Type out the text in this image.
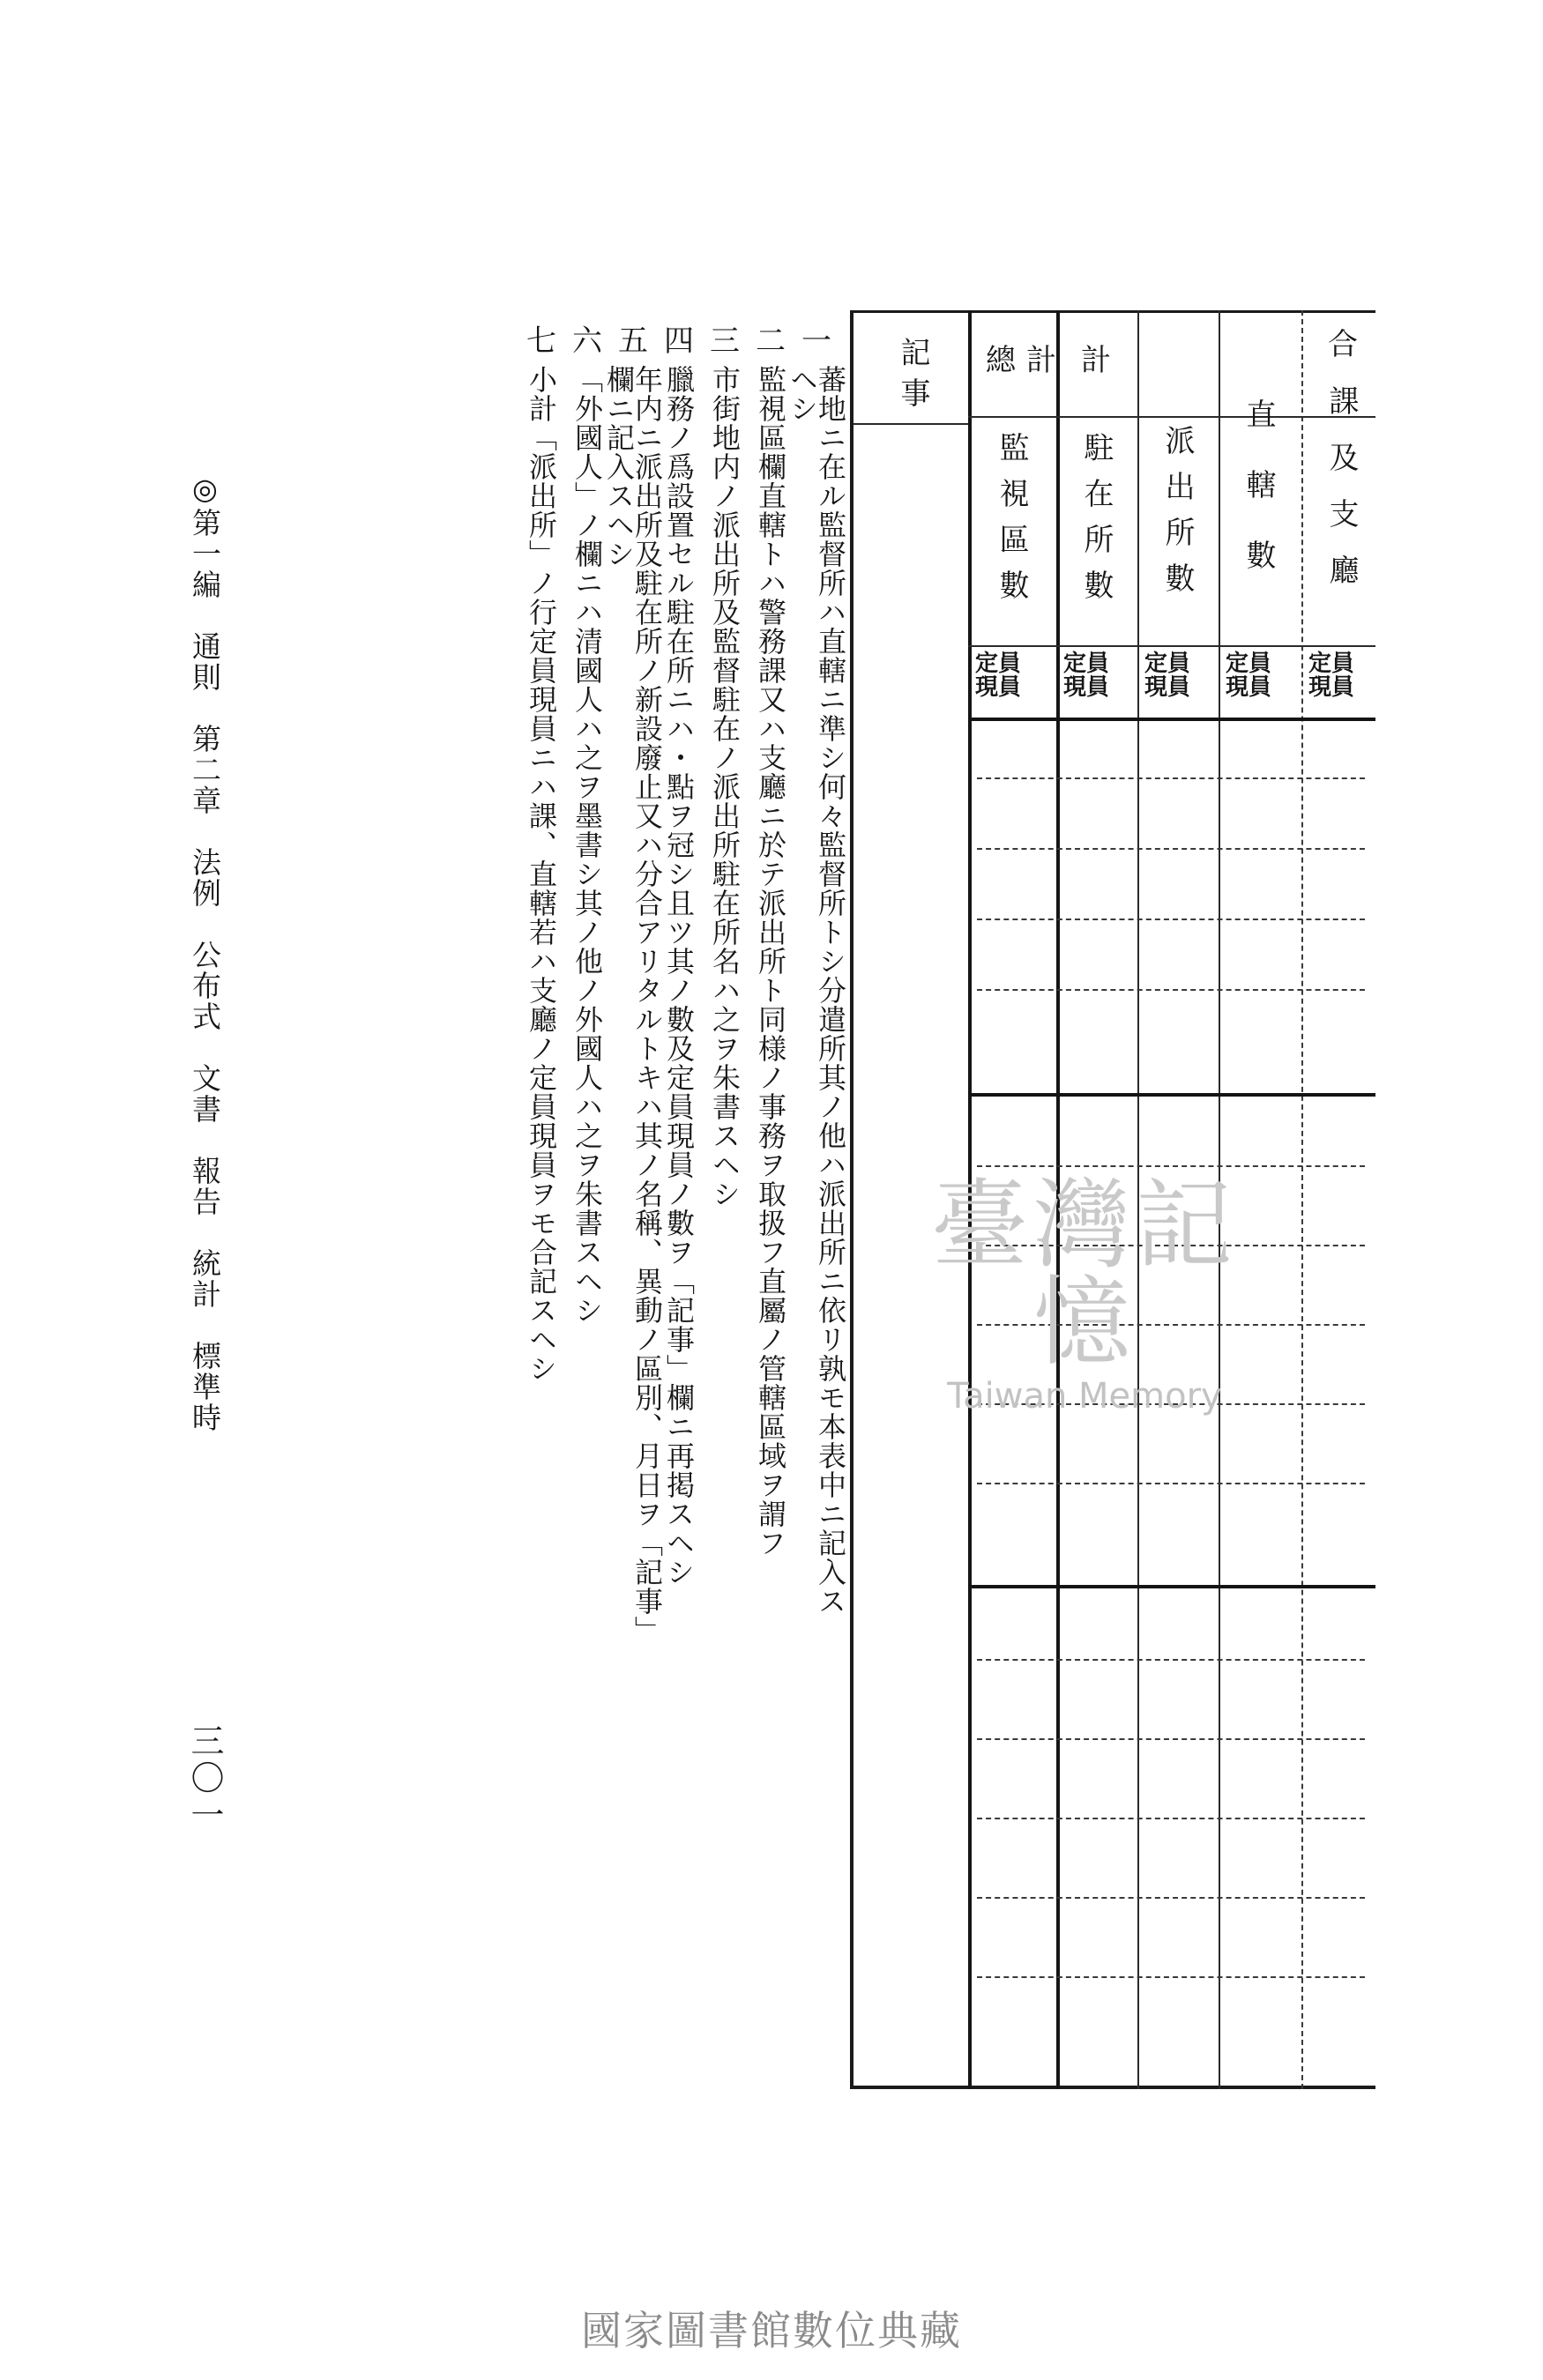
記事 總計 計	合
監視區數 駐在所數 派出所數 直轄數 課及支廳
定員
現員
定員
現員
定員
現員
定員
現員
定員
現員
一
蕃地ニ在ル監督所ハ直轄ニ準シ何々監督所トシ分遣所其ノ他ハ派出所ニ依リ孰モ本表中ニ記入スヘシ
二
監視區欄直轄トハ警務課又ハ支廳ニ於テ派出所ト同様ノ事務ヲ取扱フ直屬ノ管轄區域ヲ謂フ
三
市街地内ノ派出所及監督駐在ノ派出所駐在所名ハ之ヲ朱書スヘシ
四
臘務ノ爲設置セル駐在所ニハ・點ヲ冠シ且ツ其ノ數及定員現員ノ數ヲ「記事」欄ニ再掲スヘシ
五
年内ニ派出所及駐在所ノ新設廢止又ハ分合アリタルトキハ其ノ名稱、異動ノ區別、月日ヲ「記事」欄ニ記入スヘシ
六
「外國人」ノ欄ニハ清國人ハ之ヲ墨書シ其ノ他ノ外國人ハ之ヲ朱書スヘシ
七
小計「派出所」ノ行定員現員ニハ課、直轄若ハ支廳ノ定員現員ヲモ合記スヘシ
◎第一編　通則　第二章　法例　公布式　文書　報告　統計　標準時
三〇一
臺灣記憶
Taiwan Memory
國家圖書館數位典藏
